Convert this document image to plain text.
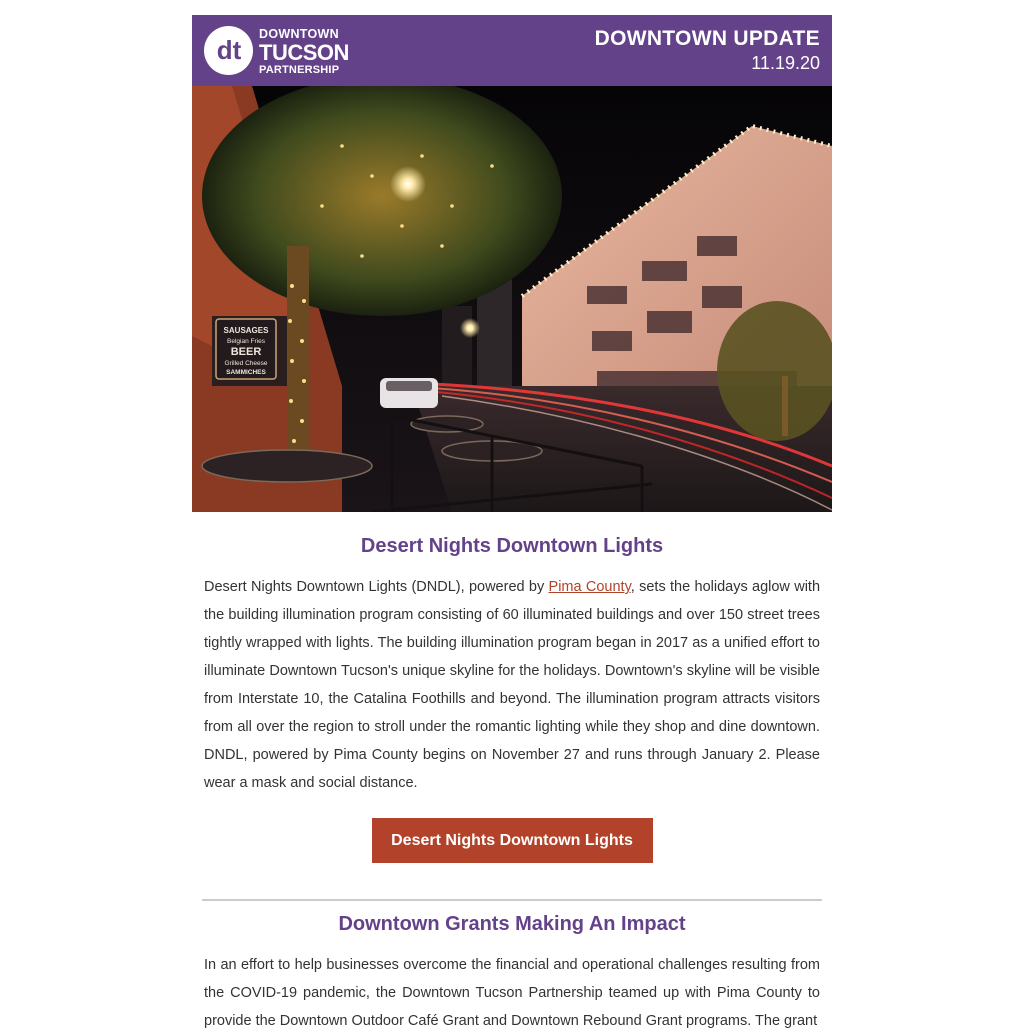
dt
DOWNTOWN
TUCSON
PARTNERSHIP
DOWNTOWN UPDATE
11.19.20
SAUSAGES
Belgian Fries
BEER
Grilled Cheese
SAMMICHES
Desert Nights Downtown Lights

Desert Nights Downtown Lights (DNDL), powered by Pima County, sets the holidays aglow with the building illumination program consisting of 60 illuminated buildings and over 150 street trees tightly wrapped with lights. The building illumination program began in 2017 as a unified effort to illuminate Downtown Tucson's unique skyline for the holidays. Downtown's skyline will be visible from Interstate 10, the Catalina Foothills and beyond. The illumination program attracts visitors from all over the region to stroll under the romantic lighting while they shop and dine downtown. DNDL, powered by Pima County begins on November 27 and runs through January 2. Please wear a mask and social distance.

Desert Nights Downtown Lights
Downtown Grants Making An Impact

In an effort to help businesses overcome the financial and operational challenges resulting from the COVID-19 pandemic, the Downtown Tucson Partnership teamed up with Pima County to provide the Downtown Outdoor Café Grant and Downtown Rebound Grant programs. The grant
